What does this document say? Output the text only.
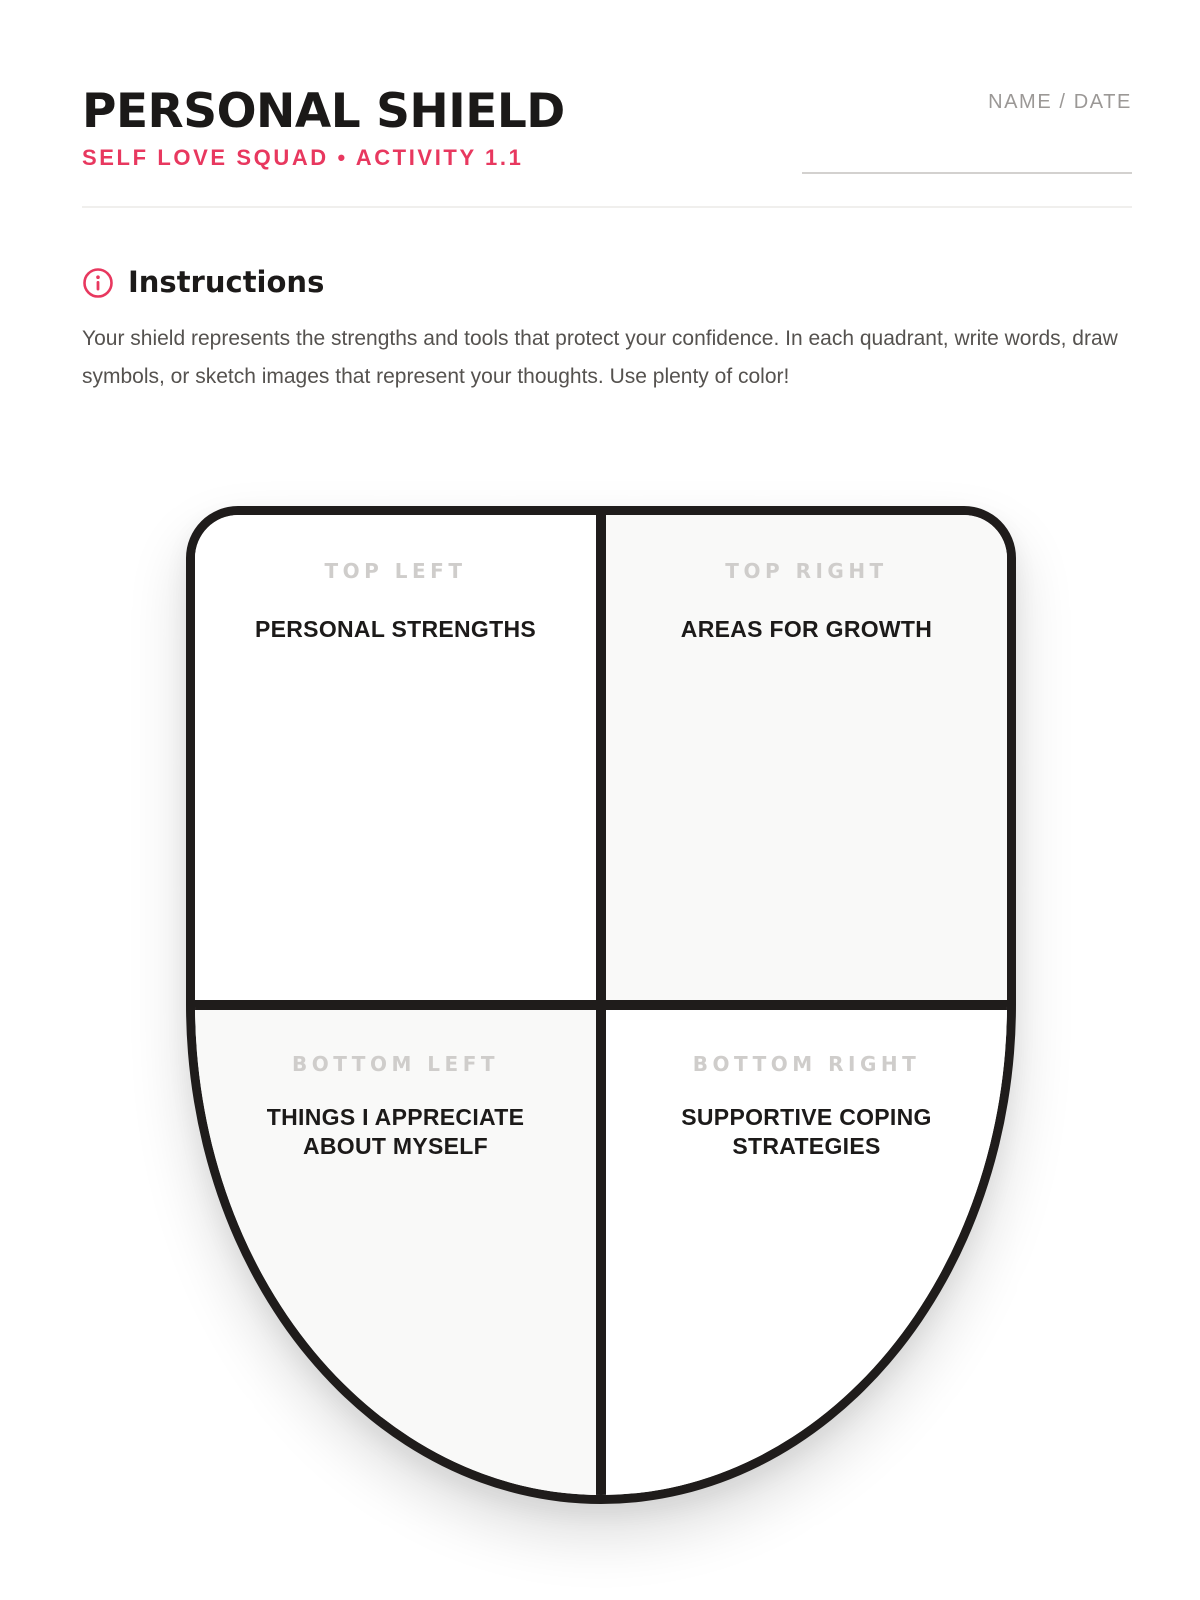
PERSONAL SHIELD
SELF LOVE SQUAD • ACTIVITY 1.1
NAME / DATE
Instructions

Your shield represents the strengths and tools that protect your confidence. In each quadrant, write words, draw symbols, or sketch images that represent your thoughts. Use plenty of color!

TOP LEFT
PERSONAL STRENGTHS
TOP RIGHT
AREAS FOR GROWTH
BOTTOM LEFT
THINGS I APPRECIATE ABOUT MYSELF
BOTTOM RIGHT
SUPPORTIVE COPING STRATEGIES
